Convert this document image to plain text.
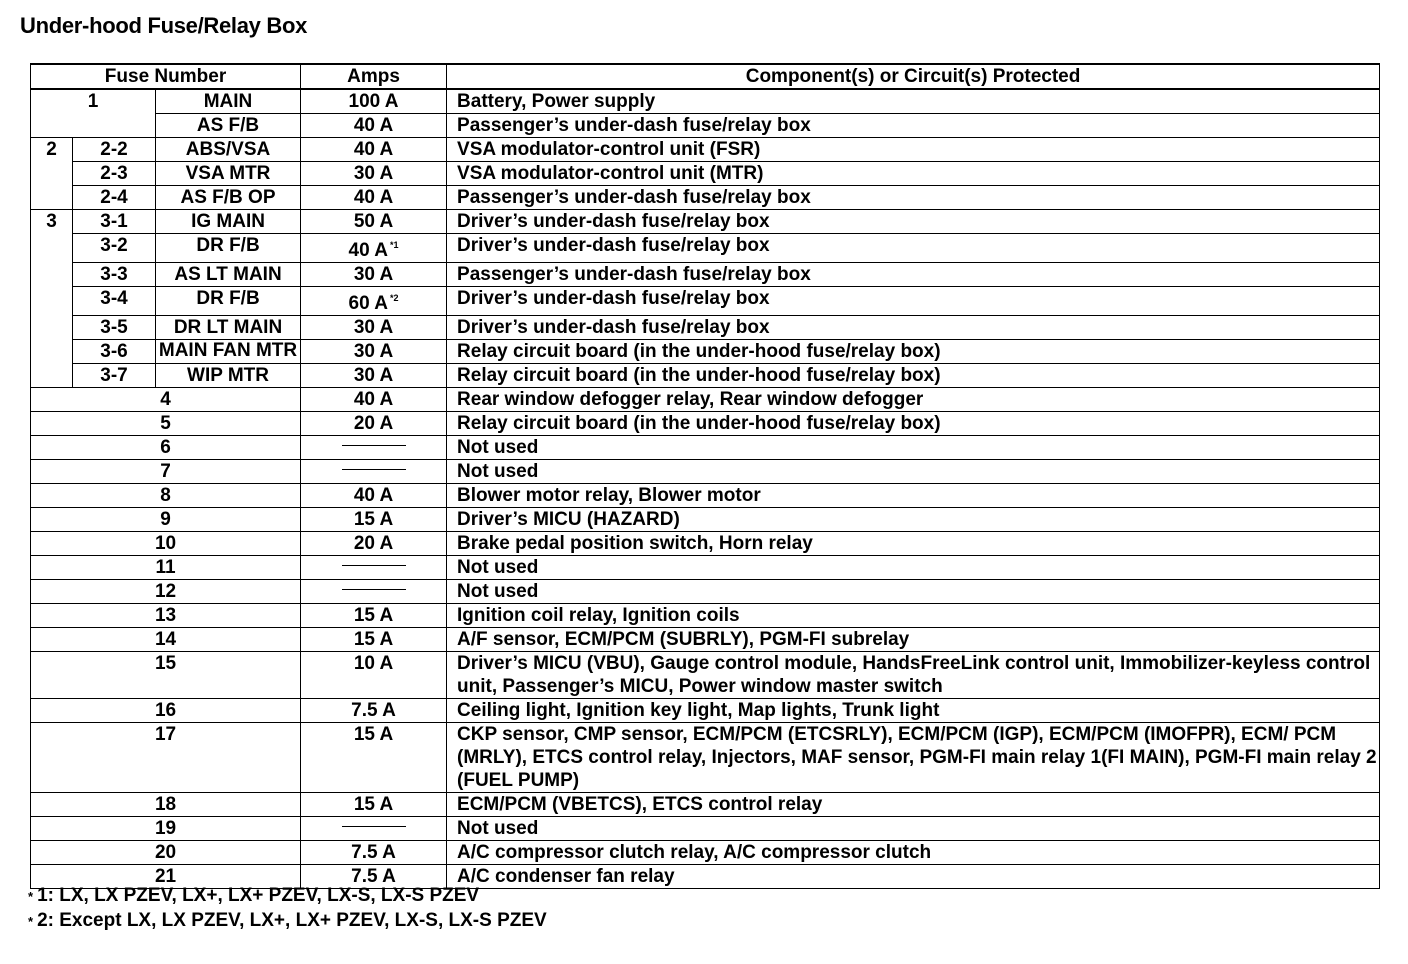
Under-hood Fuse/Relay Box
Fuse Number			Amps	Component(s) or Circuit(s) Protected
1		MAIN	100 A	Battery, Power supply
		AS F/B	40 A	Passenger’s under-dash fuse/relay box
2	2-2	ABS/VSA	40 A	VSA modulator-control unit (FSR)
	2-3	VSA MTR	30 A	VSA modulator-control unit (MTR)
	2-4	AS F/B OP	40 A	Passenger’s under-dash fuse/relay box
3	3-1	IG MAIN	50 A	Driver’s under-dash fuse/relay box
	3-2	DR F/B	40 A $^{*1}$	Driver’s under-dash fuse/relay box
	3-3	AS LT MAIN	30 A	Passenger’s under-dash fuse/relay box
	3-4	DR F/B	60 A $^{*2}$	Driver’s under-dash fuse/relay box
	3-5	DR LT MAIN	30 A	Driver’s under-dash fuse/relay box
	3-6	MAIN FAN MTR	30 A	Relay circuit board (in the under-hood fuse/relay box)
	3-7	WIP MTR	30 A	Relay circuit board (in the under-hood fuse/relay box)
4			40 A	Rear window defogger relay, Rear window defogger
5			20 A	Relay circuit board (in the under-hood fuse/relay box)
6				Not used
7				Not used
8			40 A	Blower motor relay, Blower motor
9			15 A	Driver’s MICU (HAZARD)
10			20 A	Brake pedal position switch, Horn relay
11				Not used
12				Not used
13			15 A	Ignition coil relay, Ignition coils
14			15 A	A/F sensor, ECM/PCM (SUBRLY), PGM-FI subrelay
15			10 A	Driver’s MICU (VBU), Gauge control module, HandsFreeLink control unit, Immobilizer-keyless control unit, Passenger’s MICU, Power window master switch
16			7.5 A	Ceiling light, Ignition key light, Map lights, Trunk light
17			15 A	CKP sensor, CMP sensor, ECM/PCM (ETCSRLY), ECM/PCM (IGP), ECM/PCM (IMOFPR), ECM/ PCM (MRLY), ETCS control relay, Injectors, MAF sensor, PGM-FI main relay 1(FI MAIN), PGM-FI main relay 2 (FUEL PUMP)
18			15 A	ECM/PCM (VBETCS), ETCS control relay
19				Not used
20			7.5 A	A/C compressor clutch relay, A/C compressor clutch
21			7.5 A	A/C condenser fan relay
* 1: LX, LX PZEV, LX+, LX+ PZEV, LX-S, LX-S PZEV
* 2: Except LX, LX PZEV, LX+, LX+ PZEV, LX-S, LX-S PZEV
